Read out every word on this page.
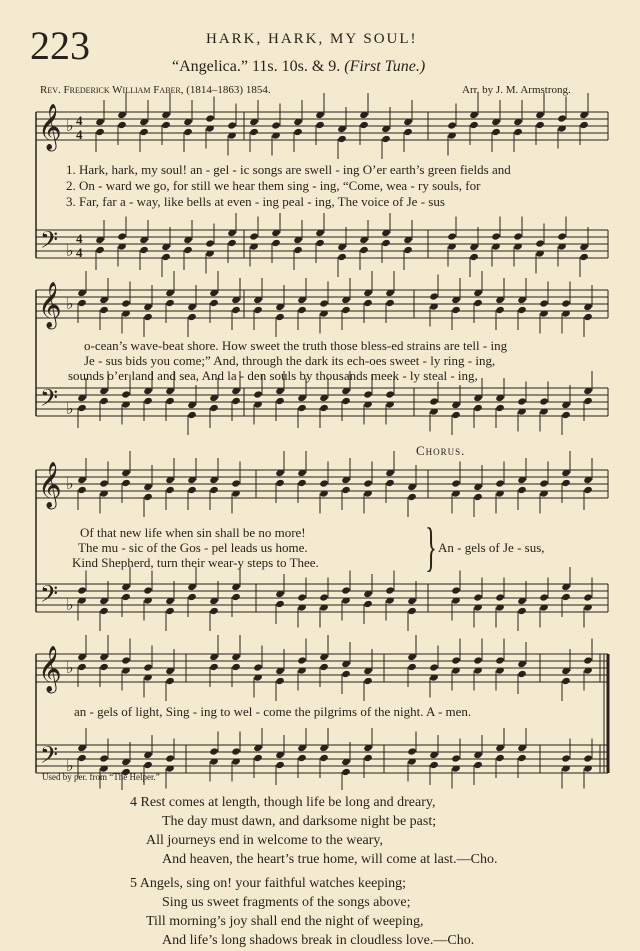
223	HARK, HARK, MY SOUL!
“Angelica.” 11s. 10s. & 9. (First Tune.)
Rev. Frederick William Faber, (1814–1863) 1854.	Arr. by J. M. Armstrong.
𝄞
𝄢
♭
♭
4
4
4
4
𝄞
𝄢
♭
♭
𝄞
𝄢
♭
♭
𝄞
𝄢
♭
♭
1. Hark, hark, my soul! an - gel - ic songs are swell - ing O’er earth’s green fields and
2. On - ward we go, for still we hear them sing - ing, “Come, wea - ry souls, for
3. Far, far a - way, like bells at even - ing peal - ing, The voice of Je - sus
o-cean’s wave-beat shore. How sweet the truth those bless-ed strains are tell - ing
Je - sus bids you come;” And, through the dark its ech-oes sweet - ly ring - ing,
sounds o’er land and sea, And la - den souls by thousands meek - ly steal - ing,
Chorus.
Of that new life when sin shall be no more!
The mu - sic of the Gos - pel leads us home.
Kind Shepherd, turn their wear-y steps to Thee. } An - gels of Je - sus,
an - gels of light, Sing - ing to wel - come the pilgrims of the night. A - men.
Used by per. from “The Helper.”
4 Rest comes at length, though life be long and dreary,
The day must dawn, and darksome night be past;
All journeys end in welcome to the weary,
And heaven, the heart’s true home, will come at last.—Cho.
5 Angels, sing on! your faithful watches keeping;
Sing us sweet fragments of the songs above;
Till morning’s joy shall end the night of weeping,
And life’s long shadows break in cloudless love.—Cho.
